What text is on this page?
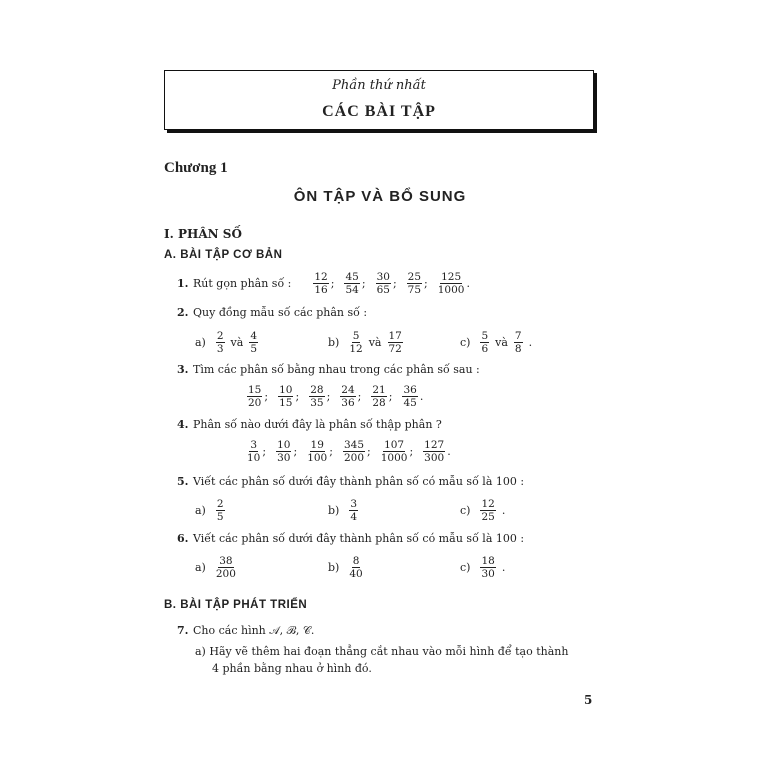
Phần thứ nhất
CÁC BÀI TẬP
Chương 1
ÔN TẬP VÀ BỔ SUNG
I. PHÂN SỐ
A. BÀI TẬP CƠ BẢN
1. Rút gọn phân số : $\frac{12}{16}$ ; $\frac{45}{54}$ ; $\frac{30}{65}$ ; $\frac{25}{75}$ ; $\frac{125}{1000}$ .
2. Quy đồng mẫu số các phân số :
3. Tìm các phân số bằng nhau trong các phân số sau :
$\frac{15}{20}$ ; $\frac{10}{15}$ ; $\frac{28}{35}$ ; $\frac{24}{36}$ ; $\frac{21}{28}$ ; $\frac{36}{45}$ .
4. Phân số nào dưới đây là phân số thập phân ?
$\frac{3}{10}$ ; $\frac{10}{30}$ ; $\frac{19}{100}$ ; $\frac{345}{200}$ ; $\frac{107}{1000}$ ; $\frac{127}{300}$ .
5. Viết các phân số dưới đây thành phân số có mẫu số là 100 :
6. Viết các phân số dưới đây thành phân số có mẫu số là 100 :
B. BÀI TẬP PHÁT TRIỂN
7. Cho các hình 𝒜, ℬ, 𝒞.
a) Hãy vẽ thêm hai đoạn thẳng cắt nhau vào mỗi hình để tạo thành
4 phần bằng nhau ở hình đó.
5
$a) \frac{2}{3}$ và $\frac{4}{5}$	$b) \frac{5}{12}$ và $\frac{17}{72}$	$c) \frac{5}{6}$ và $\frac{7}{8}$ .
$a) \frac{2}{5}$	$b) \frac{3}{4}$	$c) \frac{12}{25}$ .
$a) \frac{38}{200}$	$b) \frac{8}{40}$	$c) \frac{18}{30}$ .
